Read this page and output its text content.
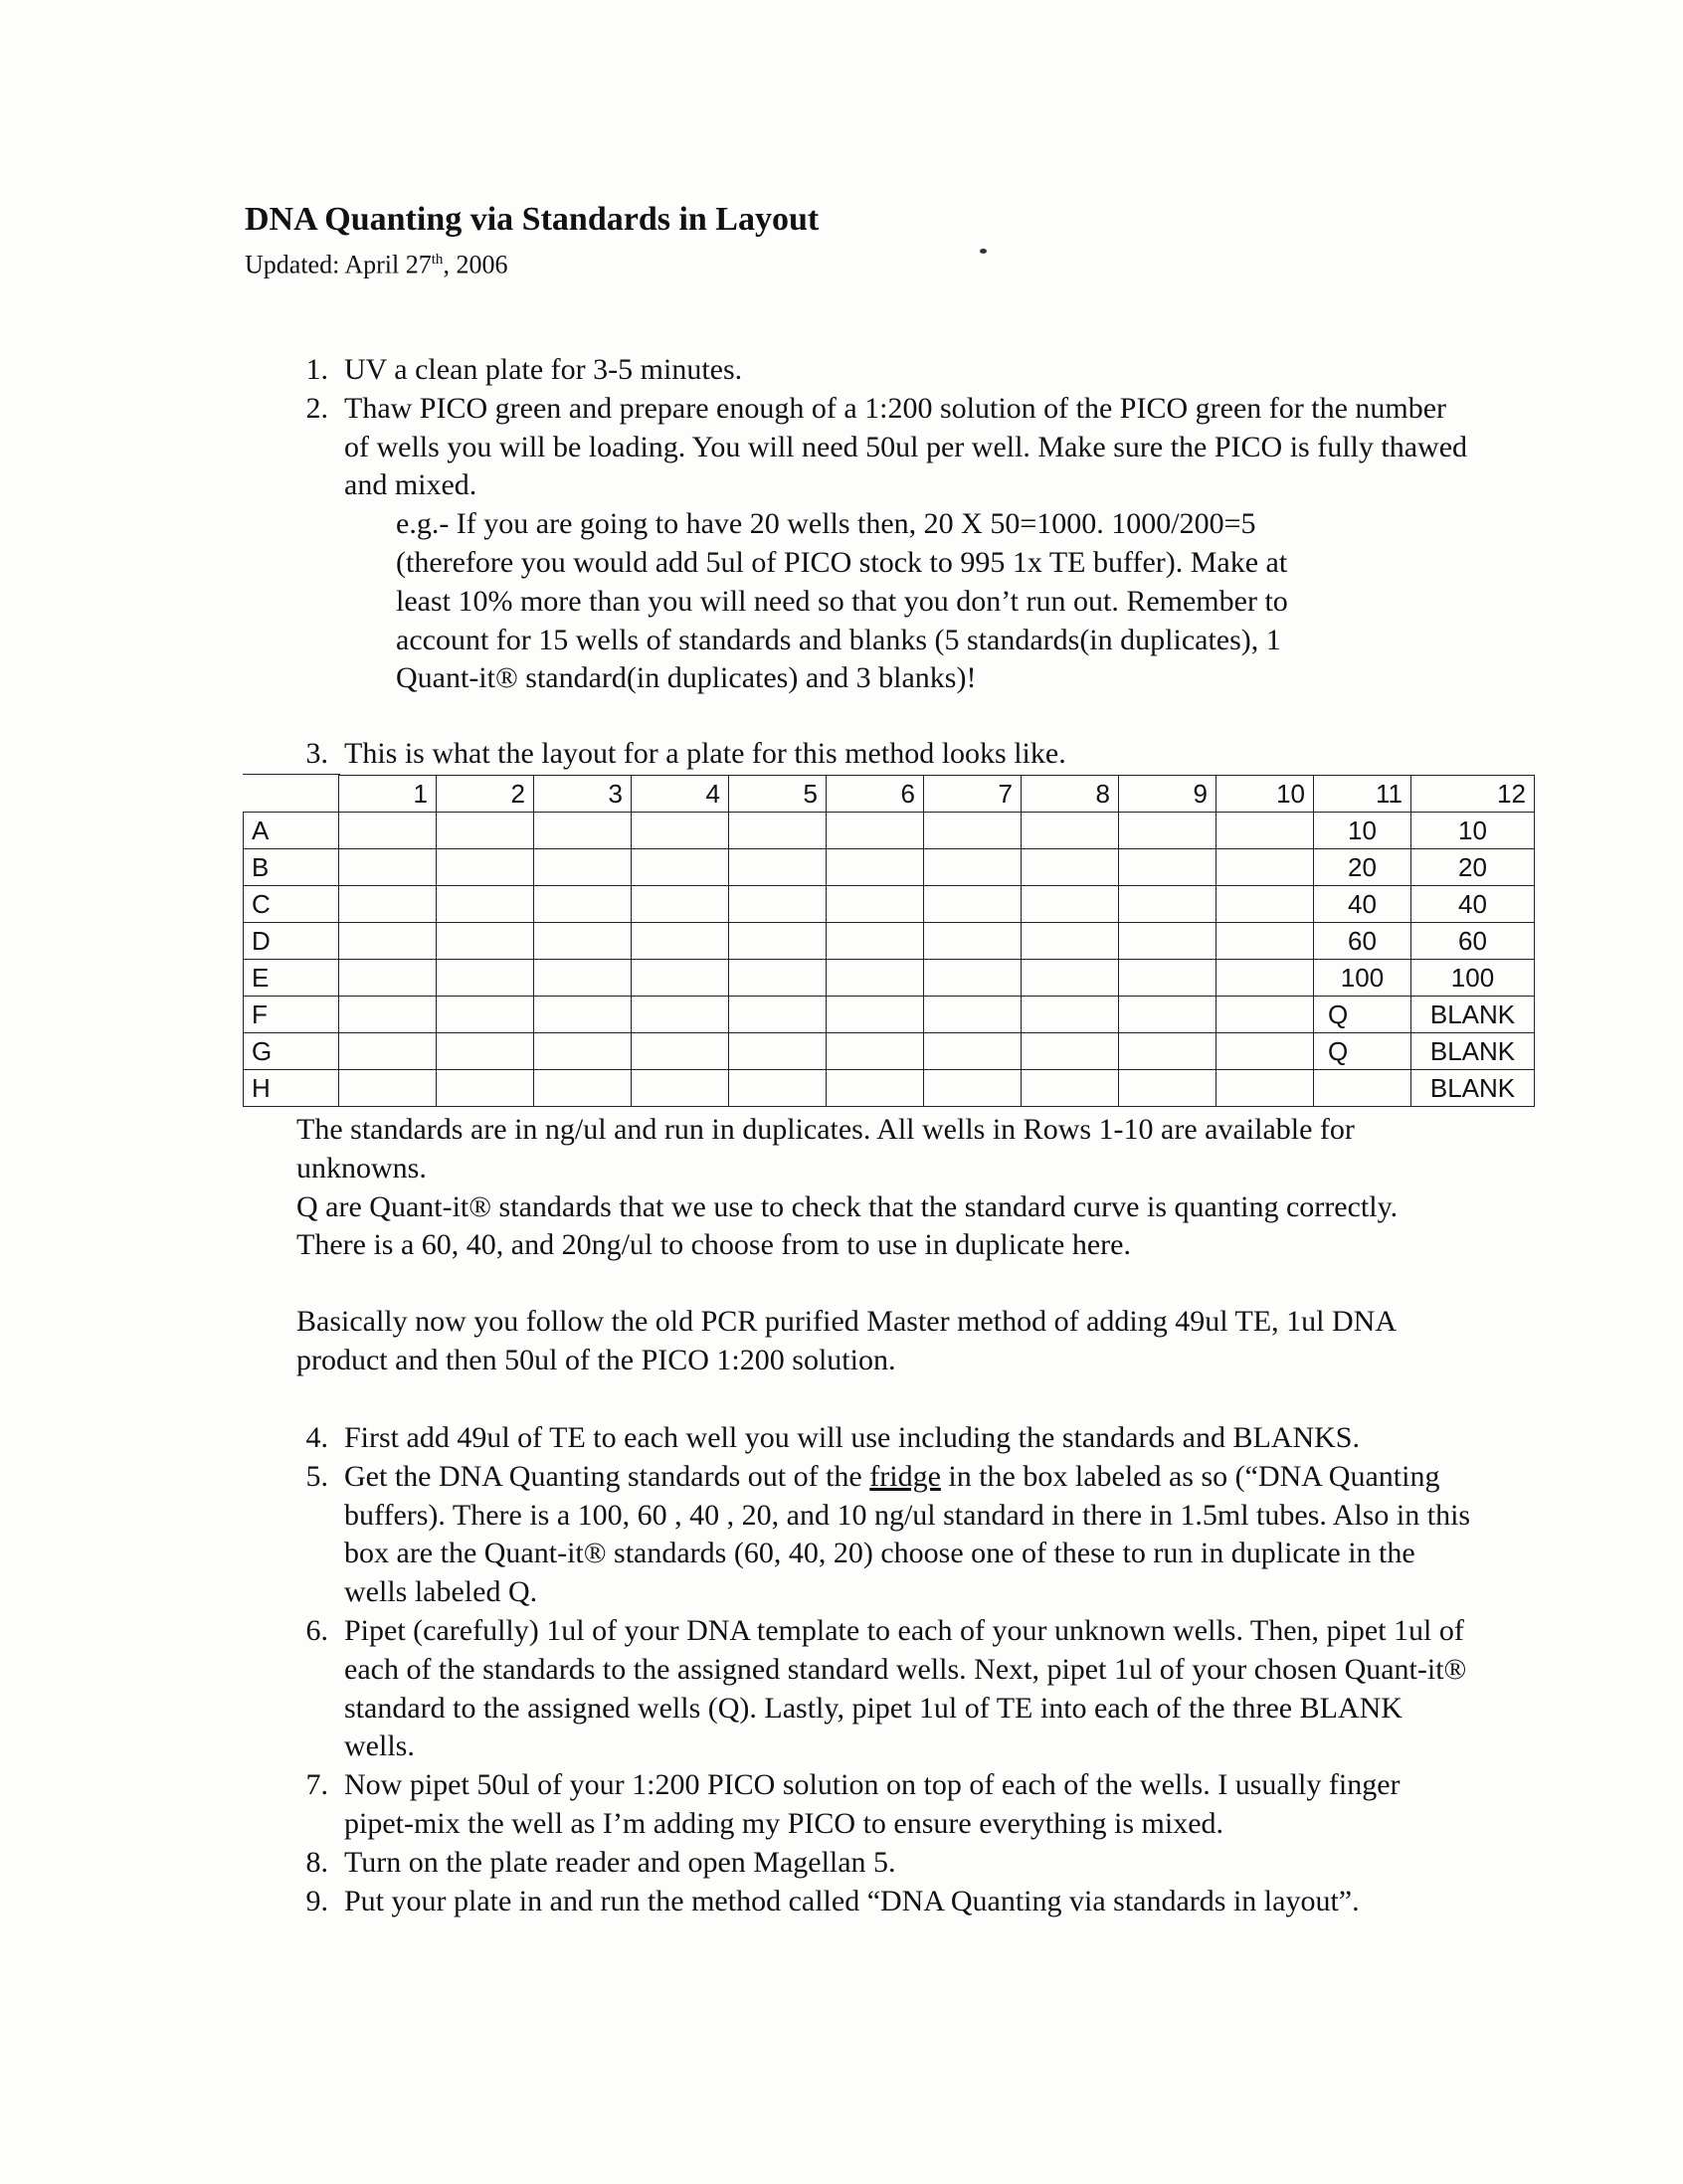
DNA Quanting via Standards in Layout
Updated: April 27th, 2006
1. UV a clean plate for 3-5 minutes.
2. Thaw PICO green and prepare enough of a 1:200 solution of the PICO green for the number of wells you will be loading. You will need 50ul per well. Make sure the PICO is fully thawed and mixed.
e.g.- If you are going to have 20 wells then, 20 X 50=1000. 1000/200=5
(therefore you would add 5ul of PICO stock to 995 1x TE buffer). Make at
least 10% more than you will need so that you don’t run out. Remember to
account for 15 wells of standards and blanks (5 standards(in duplicates), 1
Quant-it® standard(in duplicates) and 3 blanks)!
3. This is what the layout for a plate for this method looks like.
	1	2	3	4	5	6	7	8	9	10	11	12
A											10	10
B											20	20
C											40	40
D											60	60
E											100	100
F											Q	BLANK
G											Q	BLANK
H												BLANK

The standards are in ng/ul and run in duplicates. All wells in Rows 1-10 are available for unknowns.

Q are Quant-it® standards that we use to check that the standard curve is quanting correctly. There is a 60, 40, and 20ng/ul to choose from to use in duplicate here.

Basically now you follow the old PCR purified Master method of adding 49ul TE, 1ul DNA product and then 50ul of the PICO 1:200 solution.

4. First add 49ul of TE to each well you will use including the standards and BLANKS.
5. Get the DNA Quanting standards out of the fridge in the box labeled as so (“DNA Quanting buffers). There is a 100, 60 , 40 , 20, and 10 ng/ul standard in there in 1.5ml tubes. Also in this box are the Quant-it® standards (60, 40, 20) choose one of these to run in duplicate in the wells labeled Q.
6. Pipet (carefully) 1ul of your DNA template to each of your unknown wells. Then, pipet 1ul of each of the standards to the assigned standard wells. Next, pipet 1ul of your chosen Quant-it® standard to the assigned wells (Q). Lastly, pipet 1ul of TE into each of the three BLANK wells.
7. Now pipet 50ul of your 1:200 PICO solution on top of each of the wells. I usually finger pipet-mix the well as I’m adding my PICO to ensure everything is mixed.
8. Turn on the plate reader and open Magellan 5.
9. Put your plate in and run the method called “DNA Quanting via standards in layout”.
